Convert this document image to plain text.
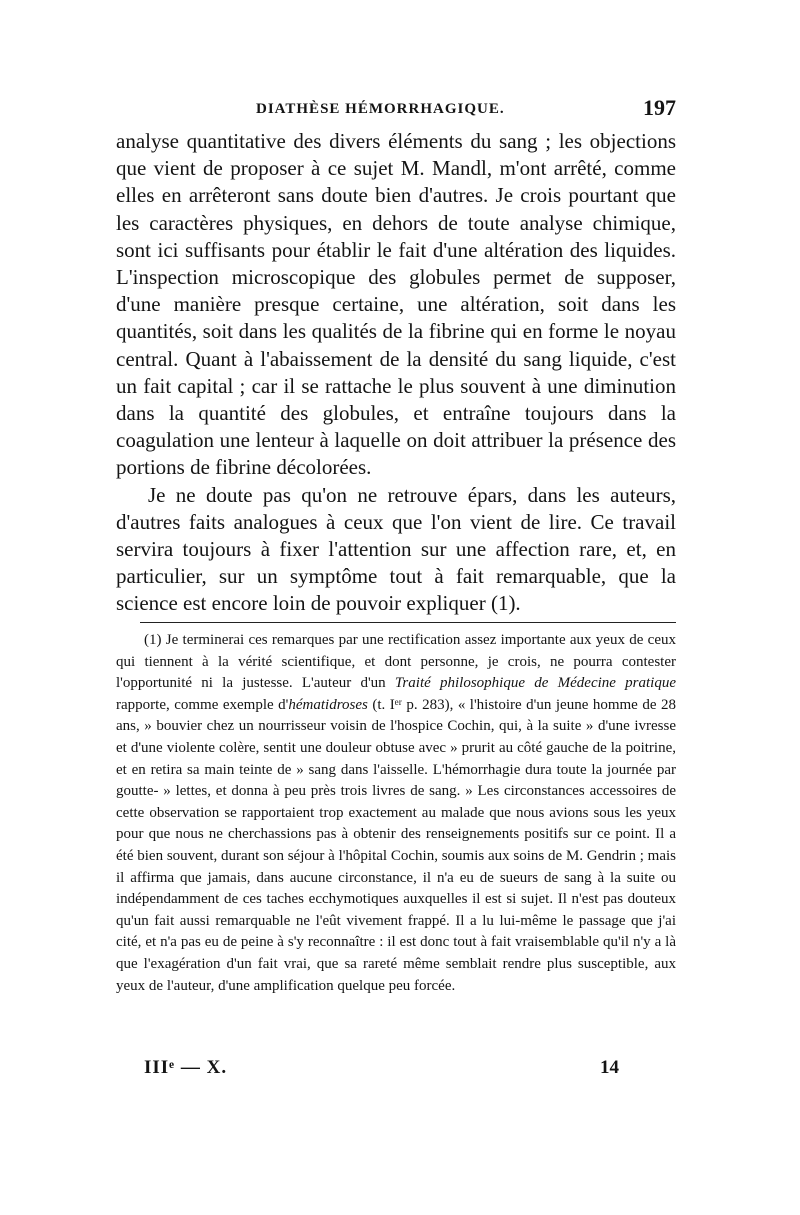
DIATHÈSE HÉMORRHAGIQUE.	197

analyse quantitative des divers éléments du sang ; les objections que vient de proposer à ce sujet M. Mandl, m'ont arrêté, comme elles en arrêteront sans doute bien d'autres. Je crois pourtant que les caractères physiques, en dehors de toute analyse chimique, sont ici suffisants pour établir le fait d'une altération des liquides. L'inspection microscopique des globules permet de supposer, d'une manière presque certaine, une altération, soit dans les quantités, soit dans les qualités de la fibrine qui en forme le noyau central. Quant à l'abaissement de la densité du sang liquide, c'est un fait capital ; car il se rattache le plus souvent à une diminution dans la quantité des globules, et entraîne toujours dans la coagulation une lenteur à laquelle on doit attribuer la présence des portions de fibrine décolorées.

Je ne doute pas qu'on ne retrouve épars, dans les auteurs, d'autres faits analogues à ceux que l'on vient de lire. Ce travail servira toujours à fixer l'attention sur une affection rare, et, en particulier, sur un symptôme tout à fait remarquable, que la science est encore loin de pouvoir expliquer (1).

(1) Je terminerai ces remarques par une rectification assez importante aux yeux de ceux qui tiennent à la vérité scientifique, et dont personne, je crois, ne pourra contester l'opportunité ni la justesse. L'auteur d'un Traité philosophique de Médecine pratique rapporte, comme exemple d'hématidroses (t. Iᵉʳ p. 283), « l'histoire d'un jeune homme de 28 ans, » bouvier chez un nourrisseur voisin de l'hospice Cochin, qui, à la suite » d'une ivresse et d'une violente colère, sentit une douleur obtuse avec » prurit au côté gauche de la poitrine, et en retira sa main teinte de » sang dans l'aisselle. L'hémorrhagie dura toute la journée par goutte- » lettes, et donna à peu près trois livres de sang. » Les circonstances accessoires de cette observation se rapportaient trop exactement au malade que nous avions sous les yeux pour que nous ne cherchassions pas à obtenir des renseignements positifs sur ce point. Il a été bien souvent, durant son séjour à l'hôpital Cochin, soumis aux soins de M. Gendrin ; mais il affirma que jamais, dans aucune circonstance, il n'a eu de sueurs de sang à la suite ou indépendamment de ces taches ecchymotiques auxquelles il est si sujet. Il n'est pas douteux qu'un fait aussi remarquable ne l'eût vivement frappé. Il a lu lui-même le passage que j'ai cité, et n'a pas eu de peine à s'y reconnaître : il est donc tout à fait vraisemblable qu'il n'y a là que l'exagération d'un fait vrai, que sa rareté même semblait rendre plus susceptible, aux yeux de l'auteur, d'une amplification quelque peu forcée.

IIIᵉ — X.	14
